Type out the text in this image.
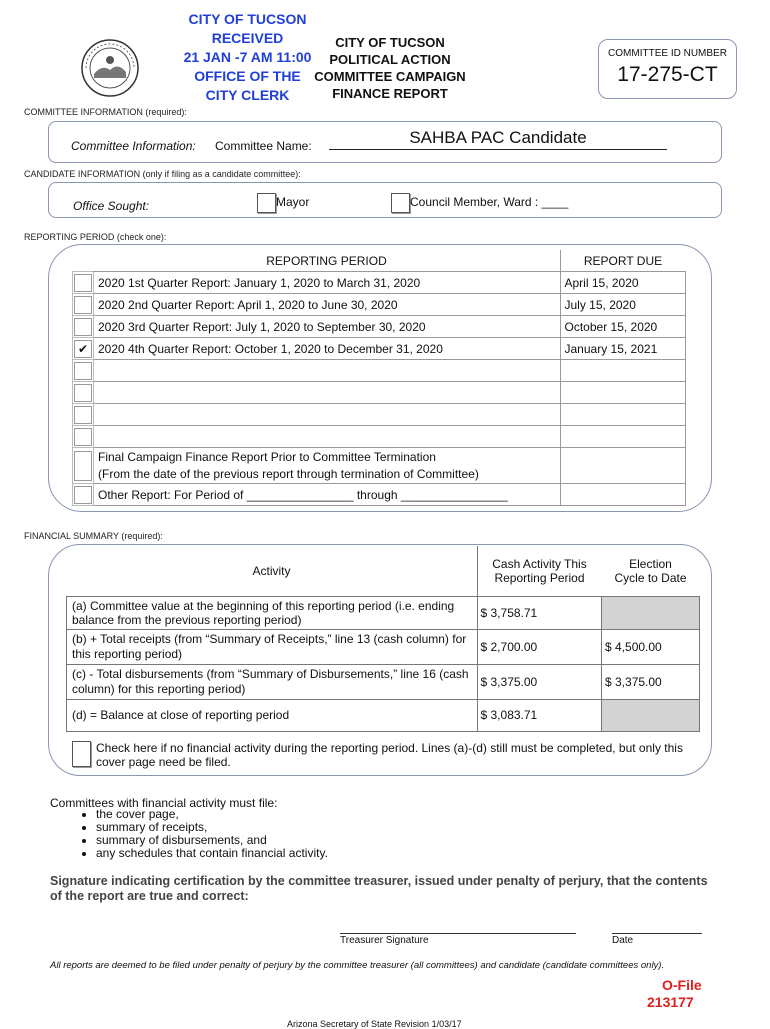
CITY OF TUCSON
RECEIVED
21 JAN -7 AM 11:00
OFFICE OF THE
CITY CLERK
CITY OF TUCSON
POLITICAL ACTION
COMMITTEE CAMPAIGN
FINANCE REPORT
COMMITTEE ID NUMBER
17-275-CT
COMMITTEE INFORMATION (required):
Committee Information: Committee Name:	SAHBA PAC Candidate
CANDIDATE INFORMATION (only if filing as a candidate committee):
Office Sought:	Mayor	Council Member, Ward : ____
REPORTING PERIOD (check one):
	REPORTING PERIOD	REPORT DUE
	2020 1st Quarter Report: January 1, 2020 to March 31, 2020	April 15, 2020
	2020 2nd Quarter Report: April 1, 2020 to June 30, 2020	July 15, 2020
	2020 3rd Quarter Report: July 1, 2020 to September 30, 2020	October 15, 2020
✔	2020 4th Quarter Report: October 1, 2020 to December 31, 2020	January 15, 2021

	Final Campaign Finance Report Prior to Committee Termination
(From the date of the previous report through termination of Committee)	

	Other Report: For Period of ________________ through ________________	
FINANCIAL SUMMARY (required):
Activity	Cash Activity This Reporting Period	Election Cycle to Date
(a) Committee value at the beginning of this reporting period (i.e. ending balance from the previous reporting period)	$ 3,758.71	
(b) + Total receipts (from “Summary of Receipts,” line 13 (cash column) for this reporting period)	$ 2,700.00	$ 4,500.00
(c) - Total disbursements (from “Summary of Disbursements,” line 16 (cash column) for this reporting period)	$ 3,375.00	$ 3,375.00
(d) = Balance at close of reporting period	$ 3,083.71	
Check here if no financial activity during the reporting period. Lines (a)-(d) still must be completed, but only this cover page need be filed.
Committees with financial activity must file:
• the cover page,
• summary of receipts,
• summary of disbursements, and
• any schedules that contain financial activity.
Signature indicating certification by the committee treasurer, issued under penalty of perjury, that the contents of the report are true and correct:
Treasurer Signature	Date
All reports are deemed to be filed under penalty of perjury by the committee treasurer (all committees) and candidate (candidate committees only).
Arizona Secretary of State Revision 1/03/17
O-File
213177
